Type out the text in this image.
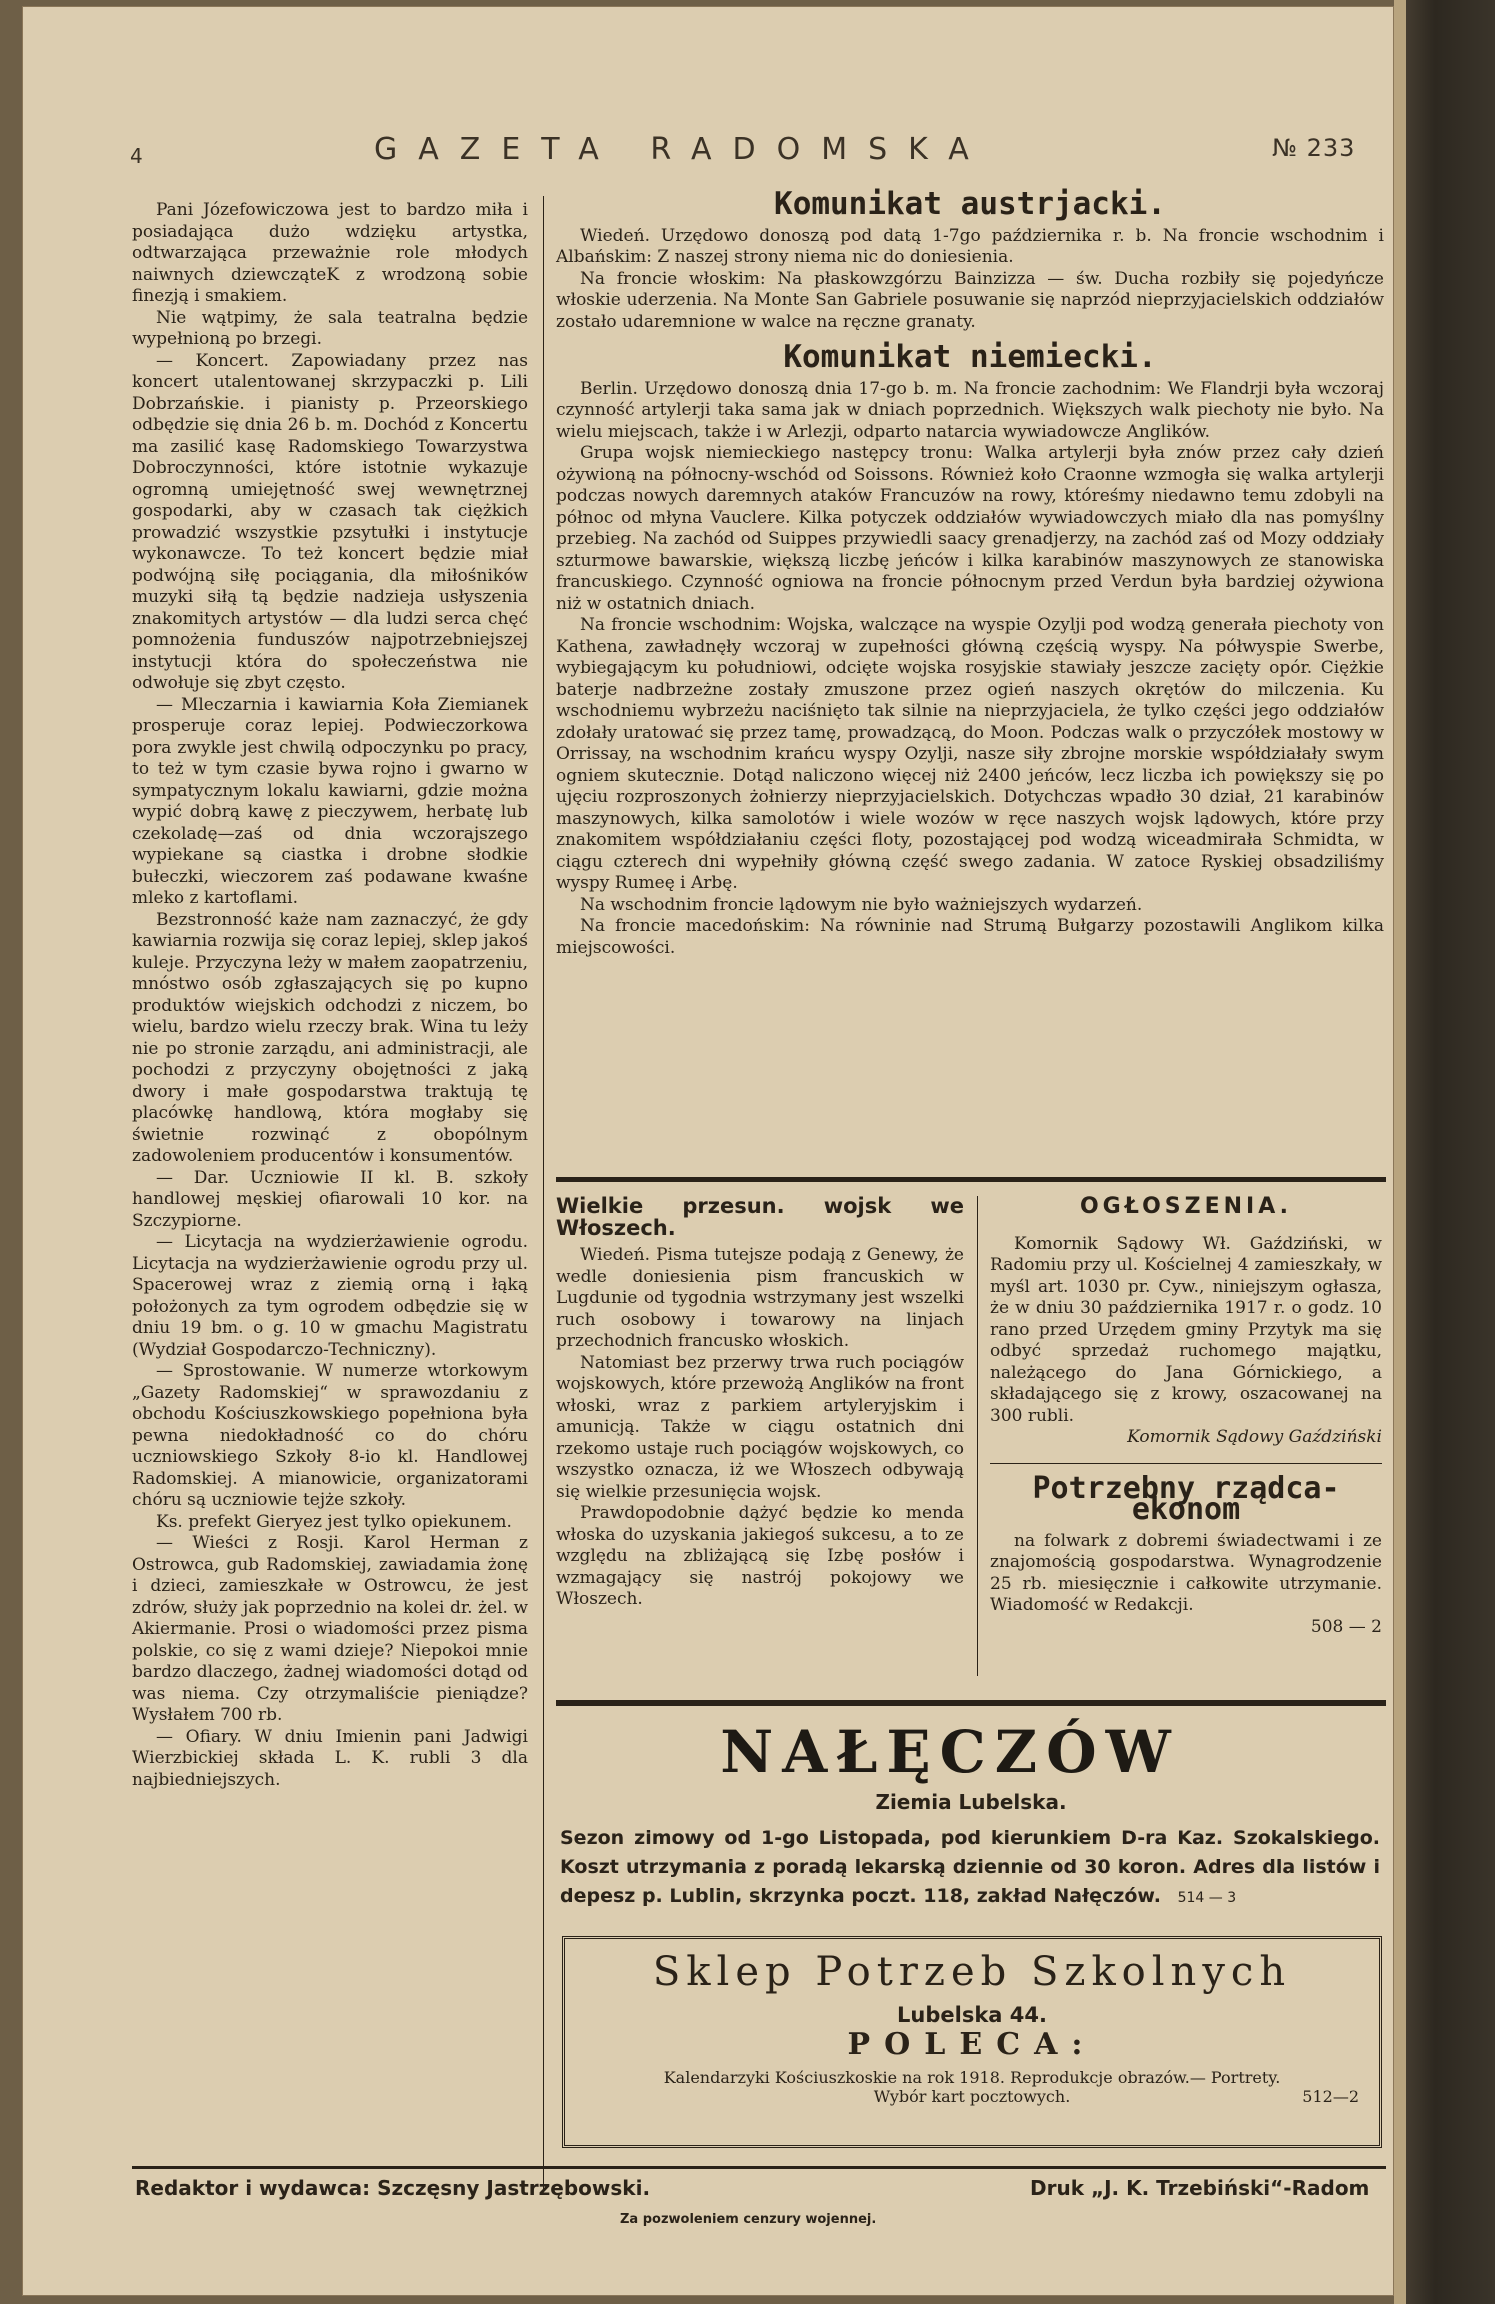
4	GAZETA RADOMSKA	№ 233

Pani Józefowiczowa jest to bardzo miła i posiadająca dużo wdzięku artystka, odtwarzająca przeważnie role młodych naiwnych dziewcząteK z wrodzoną sobie finezją i smakiem.

Nie wątpimy, że sala teatralna będzie wypełnioną po brzegi.

— Koncert. Zapowiadany przez nas koncert utalentowanej skrzypaczki p. Lili Dobrzańskie. i pianisty p. Przeorskiego odbędzie się dnia 26 b. m. Dochód z Koncertu ma zasilić kasę Radomskiego Towarzystwa Dobroczynności, które istotnie wykazuje ogromną umiejętność swej wewnętrznej gospodarki, aby w czasach tak ciężkich prowadzić wszystkie pzsytułki i instytucje wykonawcze. To też koncert będzie miał podwójną siłę pociągania, dla miłośników muzyki siłą tą będzie nadzieja usłyszenia znakomitych artystów — dla ludzi serca chęć pomnożenia funduszów najpotrzebniejszej instytucji która do społeczeństwa nie odwołuje się zbyt często.

— Mleczarnia i kawiarnia Koła Ziemianek prosperuje coraz lepiej. Podwieczorkowa pora zwykle jest chwilą odpoczynku po pracy, to też w tym czasie bywa rojno i gwarno w sympatycznym lokalu kawiarni, gdzie można wypić dobrą kawę z pieczywem, herbatę lub czekoladę—zaś od dnia wczorajszego wypiekane są ciastka i drobne słodkie bułeczki, wieczorem zaś podawane kwaśne mleko z kartoflami.

Bezstronność każe nam zaznaczyć, że gdy kawiarnia rozwija się coraz lepiej, sklep jakoś kuleje. Przyczyna leży w małem zaopatrzeniu, mnóstwo osób zgłaszających się po kupno produktów wiejskich odchodzi z niczem, bo wielu, bardzo wielu rzeczy brak. Wina tu leży nie po stronie zarządu, ani administracji, ale pochodzi z przyczyny obojętności z jaką dwory i małe gospodarstwa traktują tę placówkę handlową, która mogłaby się świetnie rozwinąć z obopólnym zadowoleniem producentów i konsumentów.

— Dar. Uczniowie II kl. B. szkoły handlowej męskiej ofiarowali 10 kor. na Szczypiorne.

— Licytacja na wydzierżawienie ogrodu. Licytacja na wydzierżawienie ogrodu przy ul. Spacerowej wraz z ziemią orną i łąką położonych za tym ogrodem odbędzie się w dniu 19 bm. o g. 10 w gmachu Magistratu (Wydział Gospodarczo-Techniczny).

— Sprostowanie. W numerze wtorkowym „Gazety Radomskiej“ w sprawozdaniu z obchodu Kościuszkowskiego popełniona była pewna niedokładność co do chóru uczniowskiego Szkoły 8-io kl. Handlowej Radomskiej. A mianowicie, organizatorami chóru są uczniowie tejże szkoły.

Ks. prefekt Gieryez jest tylko opiekunem.

— Wieści z Rosji. Karol Herman z Ostrowca, gub Radomskiej, zawiadamia żonę i dzieci, zamieszkałe w Ostrowcu, że jest zdrów, służy jak poprzednio na kolei dr. żel. w Akiermanie. Prosi o wiadomości przez pisma polskie, co się z wami dzieje? Niepokoi mnie bardzo dlaczego, żadnej wiadomości dotąd od was niema. Czy otrzymaliście pieniądze? Wysłałem 700 rb.

— Ofiary. W dniu Imienin pani Jadwigi Wierzbickiej składa L. K. rubli 3 dla najbiedniejszych.

Komunikat austrjacki.

Wiedeń. Urzędowo donoszą pod datą 1-7go października r. b. Na froncie wschodnim i Albańskim: Z naszej strony niema nic do doniesienia.

Na froncie włoskim: Na płaskowzgórzu Bainzizza — św. Ducha rozbiły się pojedyńcze włoskie uderzenia. Na Monte San Gabriele posuwanie się naprzód nieprzyjacielskich oddziałów zostało udaremnione w walce na ręczne granaty.

Komunikat niemiecki.

Berlin. Urzędowo donoszą dnia 17-go b. m. Na froncie zachodnim: We Flandrji była wczoraj czynność artylerji taka sama jak w dniach poprzednich. Większych walk piechoty nie było. Na wielu miejscach, także i w Arlezji, odparto natarcia wywiadowcze Anglików.

Grupa wojsk niemieckiego następcy tronu: Walka artylerji była znów przez cały dzień ożywioną na północny-wschód od Soissons. Również koło Craonne wzmogła się walka artylerji podczas nowych daremnych ataków Francuzów na rowy, któreśmy niedawno temu zdobyli na północ od młyna Vauclere. Kilka potyczek oddziałów wywiadowczych miało dla nas pomyślny przebieg. Na zachód od Suippes przywiedli saacy grenadjerzy, na zachód zaś od Mozy oddziały szturmowe bawarskie, większą liczbę jeńców i kilka karabinów maszynowych ze stanowiska francuskiego. Czynność ogniowa na froncie północnym przed Verdun była bardziej ożywiona niż w ostatnich dniach.

Na froncie wschodnim: Wojska, walczące na wyspie Ozylji pod wodzą generała piechoty von Kathena, zawładnęły wczoraj w zupełności główną częścią wyspy. Na półwyspie Swerbe, wybiegającym ku południowi, odcięte wojska rosyjskie stawiały jeszcze zacięty opór. Ciężkie baterje nadbrzeżne zostały zmuszone przez ogień naszych okrętów do milczenia. Ku wschodniemu wybrzeżu naciśnięto tak silnie na nieprzyjaciela, że tylko części jego oddziałów zdołały uratować się przez tamę, prowadzącą, do Moon. Podczas walk o przyczółek mostowy w Orrissay, na wschodnim krańcu wyspy Ozylji, nasze siły zbrojne morskie współdziałały swym ogniem skutecznie. Dotąd naliczono więcej niż 2400 jeńców, lecz liczba ich powiększy się po ujęciu rozproszonych żołnierzy nieprzyjacielskich. Dotychczas wpadło 30 dział, 21 karabinów maszynowych, kilka samolotów i wiele wozów w ręce naszych wojsk lądowych, które przy znakomitem współdziałaniu części floty, pozostającej pod wodzą wiceadmirała Schmidta, w ciągu czterech dni wypełniły główną część swego zadania. W zatoce Ryskiej obsadziliśmy wyspy Rumeę i Arbę.

Na wschodnim froncie lądowym nie było ważniejszych wydarzeń.

Na froncie macedońskim: Na równinie nad Strumą Bułgarzy pozostawili Anglikom kilka miejscowości.

Wielkie przesun. wojsk we Włoszech.

Wiedeń. Pisma tutejsze podają z Genewy, że wedle doniesienia pism francuskich w Lugdunie od tygodnia wstrzymany jest wszelki ruch osobowy i towarowy na linjach przechodnich francusko włoskich.

Natomiast bez przerwy trwa ruch pociągów wojskowych, które przewożą Anglików na front włoski, wraz z parkiem artyleryjskim i amunicją. Także w ciągu ostatnich dni rzekomo ustaje ruch pociągów wojskowych, co wszystko oznacza, iż we Włoszech odbywają się wielkie przesunięcia wojsk.

Prawdopodobnie dążyć będzie ko menda włoska do uzyskania jakiegoś sukcesu, a to ze względu na zbliżającą się Izbę posłów i wzmagający się nastrój pokojowy we Włoszech.

OGŁOSZENIA.

Komornik Sądowy Wł. Gaździński, w Radomiu przy ul. Kościelnej 4 zamieszkały, w myśl art. 1030 pr. Cyw., niniejszym ogłasza, że w dniu 30 października 1917 r. o godz. 10 rano przed Urzędem gminy Przytyk ma się odbyć sprzedaż ruchomego majątku, należącego do Jana Górnickiego, a składającego się z krowy, oszacowanej na 300 rubli.

Komornik Sądowy Gaździński
Potrzebny rządca-ekonom

na folwark z dobremi świadectwami i ze znajomością gospodarstwa. Wynagrodzenie 25 rb. miesięcznie i całkowite utrzymanie. Wiadomość w Redakcji.

508 — 2
NAŁĘCZÓW
Ziemia Lubelska.
Sezon zimowy od 1-go Listopada, pod kierunkiem D-ra Kaz. Szokalskiego. Koszt utrzymania z poradą lekarską dziennie od 30 koron. Adres dla listów i depesz p. Lublin, skrzynka poczt. 118, zakład Nałęczów. 514 — 3
Sklep Potrzeb Szkolnych
Lubelska 44.
POLECA:
Kalendarzyki Kościuszkoskie na rok 1918. Reprodukcje obrazów.— Portrety.
Wybór kart pocztowych.	512—2
Redaktor i wydawca: Szczęsny Jastrzębowski.	Druk „J. K. Trzebiński“-Radom
Za pozwoleniem cenzury wojennej.
